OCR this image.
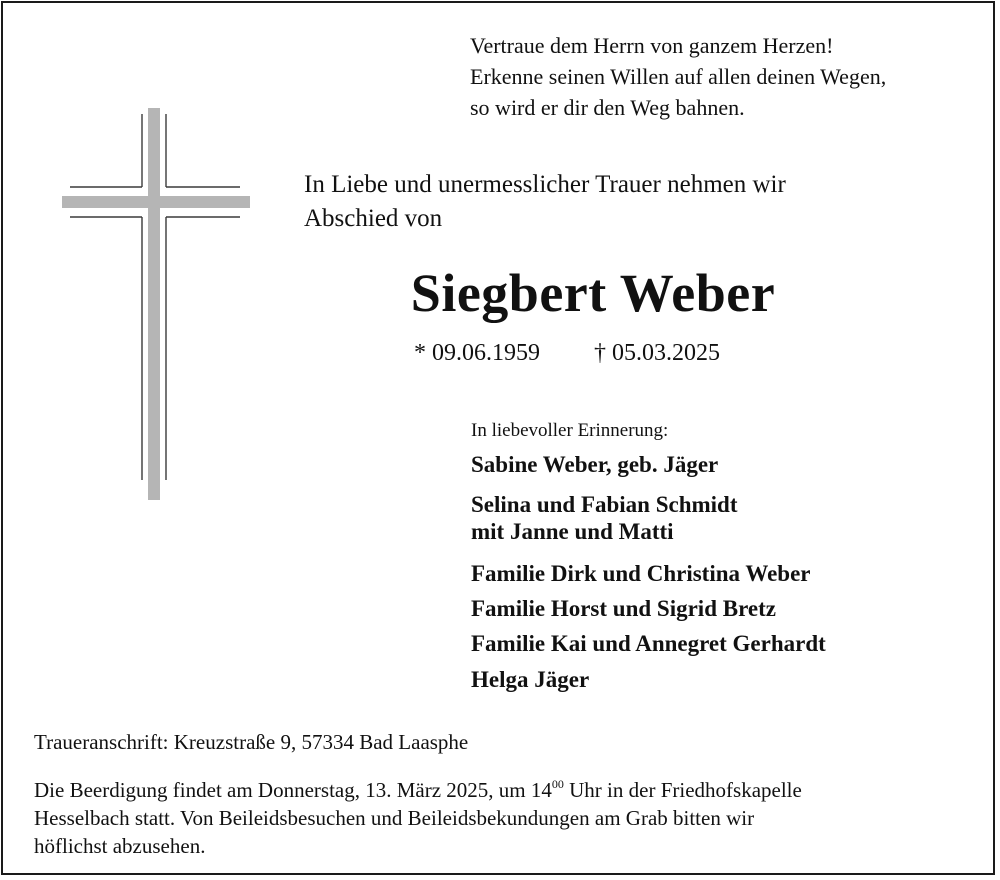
Vertraue dem Herrn von ganzem Herzen!
Erkenne seinen Willen auf allen deinen Wegen,
so wird er dir den Weg bahnen.
In Liebe und unermesslicher Trauer nehmen wir
Abschied von
Siegbert Weber
* 09.06.1959 † 05.03.2025
In liebevoller Erinnerung:
Sabine Weber, geb. Jäger
Selina und Fabian Schmidt
mit Janne und Matti
Familie Dirk und Christina Weber
Familie Horst und Sigrid Bretz
Familie Kai und Annegret Gerhardt
Helga Jäger
Traueranschrift: Kreuzstraße 9, 57334 Bad Laasphe
Die Beerdigung findet am Donnerstag, 13. März 2025, um $14^{00}$ Uhr in der Friedhofskapelle
Hesselbach statt. Von Beileidsbesuchen und Beileidsbekundungen am Grab bitten wir
höflichst abzusehen.
